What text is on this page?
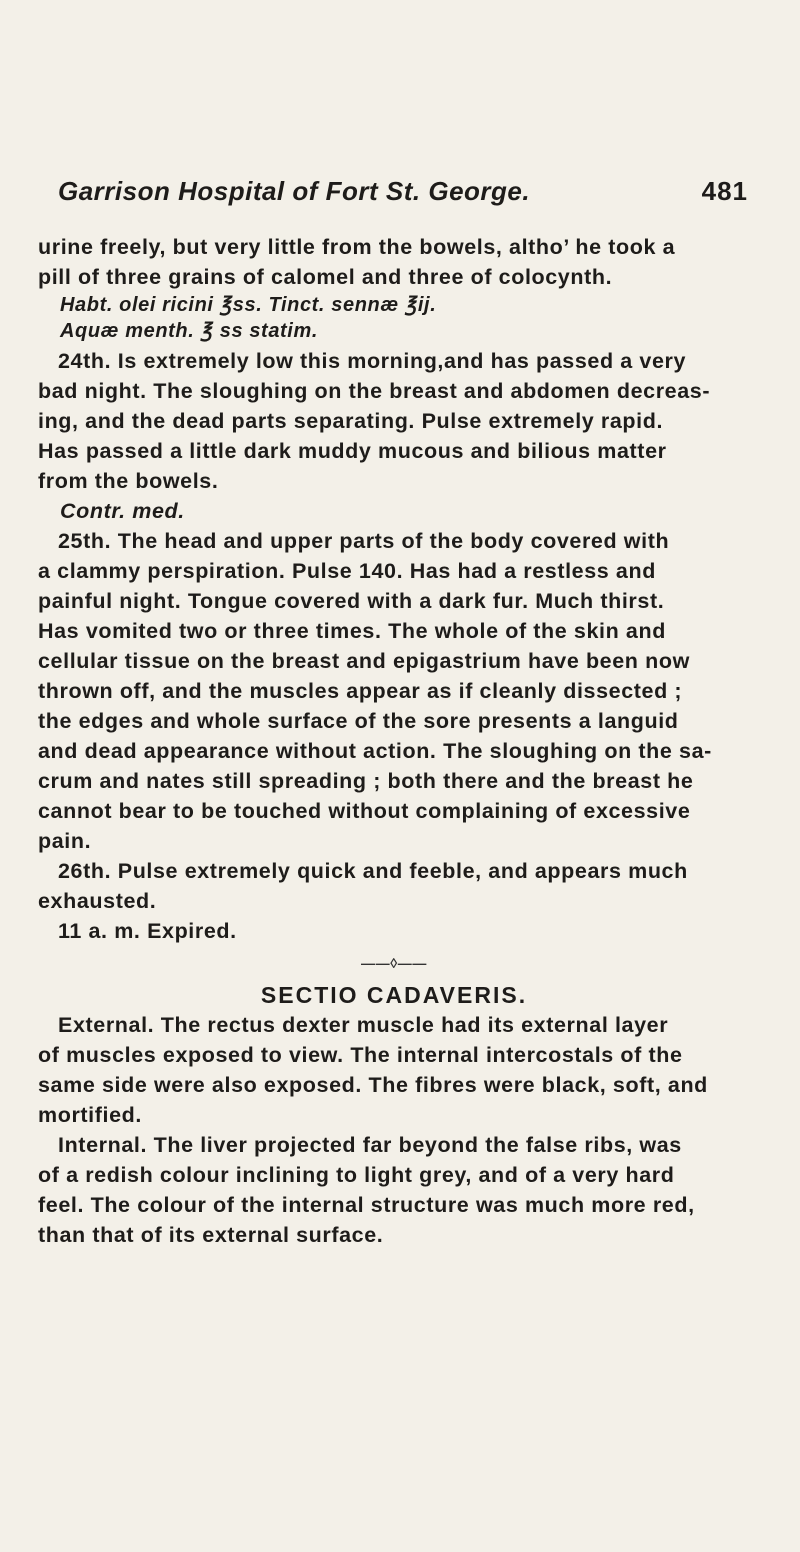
Garrison Hospital of Fort St. George.	481
urine freely, but very little from the bowels, altho’ he took a
pill of three grains of calomel and three of colocynth.
Habt. olei ricini ℥ss. Tinct. sennæ ℥ij.
Aquæ menth. ℥ ss statim.
24th. Is extremely low this morning,and has passed a very
bad night. The sloughing on the breast and abdomen decreas-
ing, and the dead parts separating. Pulse extremely rapid.
Has passed a little dark muddy mucous and bilious matter
from the bowels.
Contr. med.
25th. The head and upper parts of the body covered with
a clammy perspiration. Pulse 140. Has had a restless and
painful night. Tongue covered with a dark fur. Much thirst.
Has vomited two or three times. The whole of the skin and
cellular tissue on the breast and epigastrium have been now
thrown off, and the muscles appear as if cleanly dissected ;
the edges and whole surface of the sore presents a languid
and dead appearance without action. The sloughing on the sa-
crum and nates still spreading ; both there and the breast he
cannot bear to be touched without complaining of excessive
pain.
26th. Pulse extremely quick and feeble, and appears much
exhausted.
11 a. m. Expired.
——◊——
SECTIO CADAVERIS.
External. The rectus dexter muscle had its external layer
of muscles exposed to view. The internal intercostals of the
same side were also exposed. The fibres were black, soft, and
mortified.
Internal. The liver projected far beyond the false ribs, was
of a redish colour inclining to light grey, and of a very hard
feel. The colour of the internal structure was much more red,
than that of its external surface.
